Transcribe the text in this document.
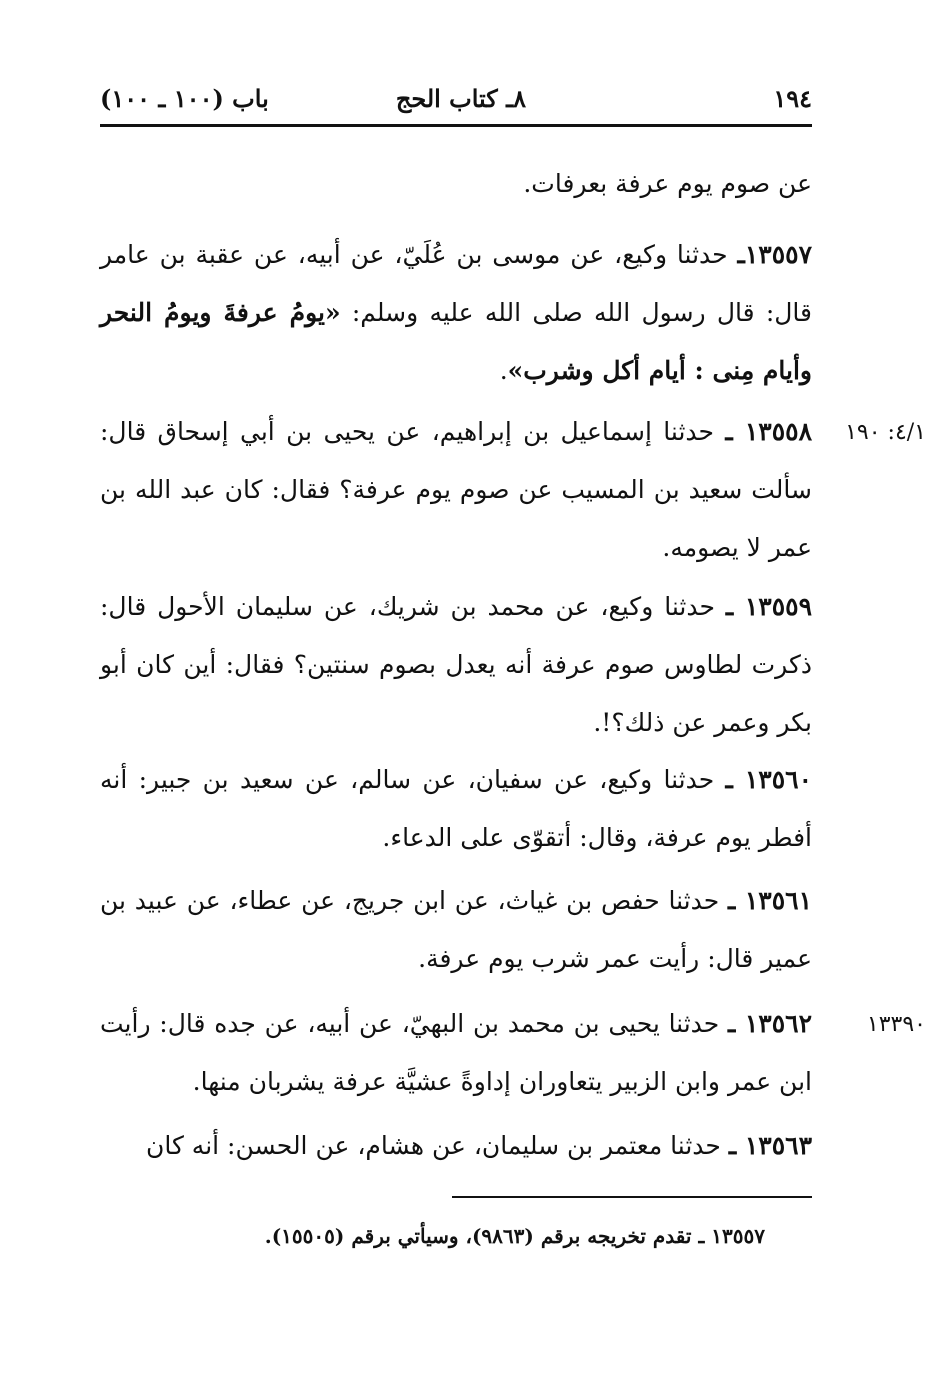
١٩٤
٨ـ كتاب الحج
باب (١٠٠ ـ ١٠٠)
عن صوم يوم عرفة بعرفات.
١٣٥٥٧ـ حدثنا وكيع، عن موسى بن عُلَيّ، عن أبيه، عن عقبة بن عامر قال: قال رسول الله صلى الله عليه وسلم: «يومُ عرفةَ ويومُ النحر وأيام مِنى : أيام أكل وشرب».
٤/١: ١٩٠
١٣٥٥٨ ـ حدثنا إسماعيل بن إبراهيم، عن يحيى بن أبي إسحاق قال: سألت سعيد بن المسيب عن صوم يوم عرفة؟ فقال: كان عبد الله بن عمر لا يصومه.
١٣٥٥٩ ـ حدثنا وكيع، عن محمد بن شريك، عن سليمان الأحول قال: ذكرت لطاوس صوم عرفة أنه يعدل بصوم سنتين؟ فقال: أين كان أبو بكر وعمر عن ذلك؟!.
١٣٥٦٠ ـ حدثنا وكيع، عن سفيان، عن سالم، عن سعيد بن جبير: أنه أفطر يوم عرفة، وقال: أتقوّى على الدعاء.
١٣٥٦١ ـ حدثنا حفص بن غياث، عن ابن جريج، عن عطاء، عن عبيد بن عمير قال: رأيت عمر شرب يوم عرفة.
١٣٣٩٠
١٣٥٦٢ ـ حدثنا يحيى بن محمد بن البهيّ، عن أبيه، عن جده قال: رأيت ابن عمر وابن الزبير يتعاوران إداوةً عشيَّة عرفة يشربان منها.
١٣٥٦٣ ـ حدثنا معتمر بن سليمان، عن هشام، عن الحسن: أنه كان
١٣٥٥٧ ـ تقدم تخريجه برقم (٩٨٦٣)، وسيأتي برقم (١٥٥٠٥).
